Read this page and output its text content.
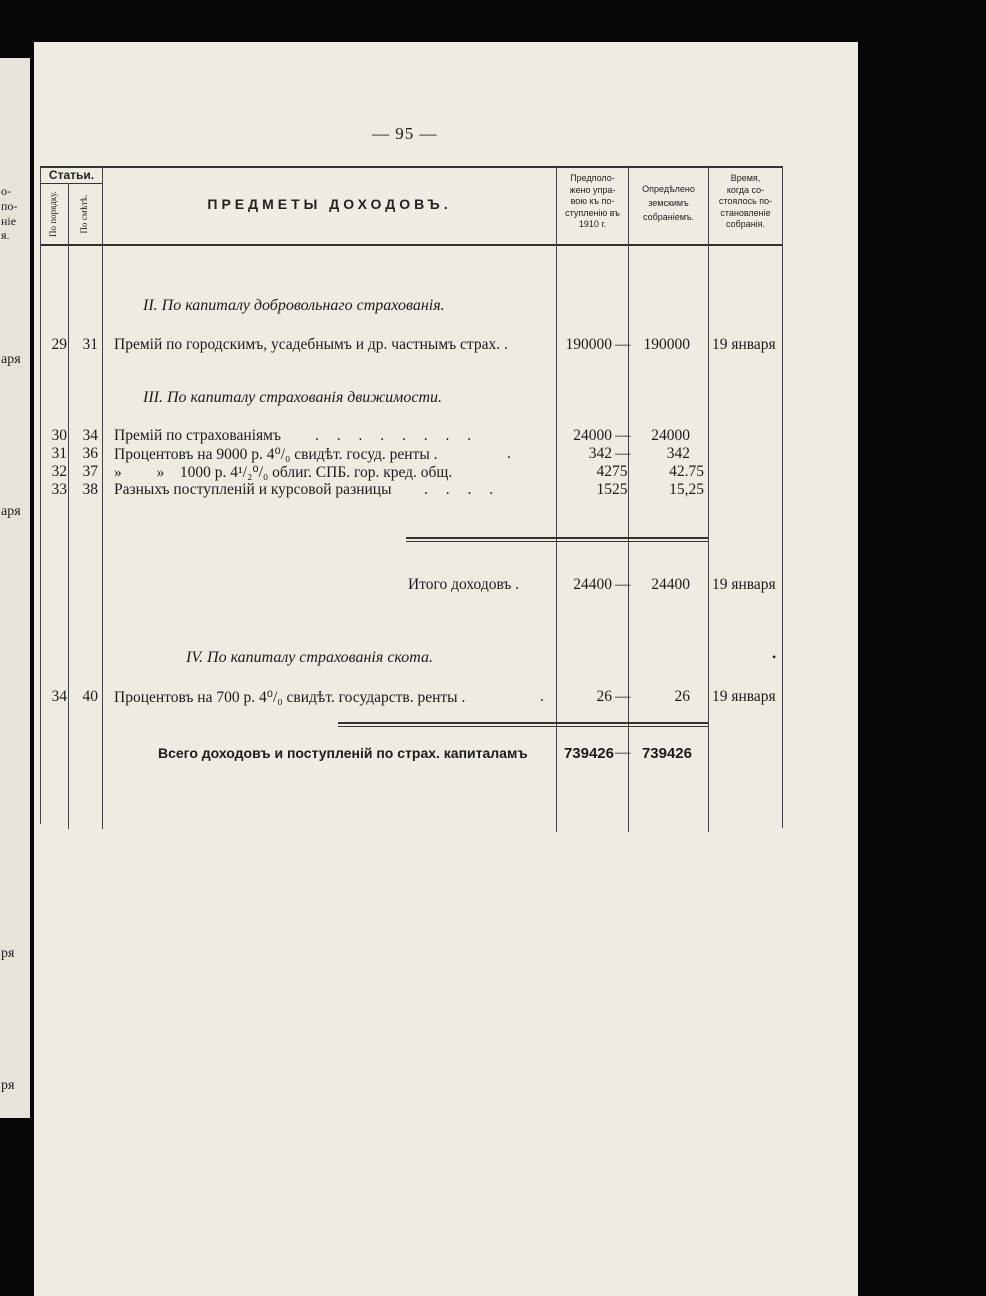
о-
по-
ніе
я.
аря
аря
ря
ря
— 95 —
Статьи.
По порядку. По смѣтѣ.	ПРЕДМЕТЫ ДОХОДОВЪ.
Предполо-
жено упра-
вою къ по-
ступленію въ
1910 г.
Опредѣлено
земскимъ
собраніемъ.
Время,
когда со-
стоялось по-
становленіе
собранія.
II. По капиталу добровольнаго страхованія.
29	31 Премій по городскимъ, усадебнымъ и др. частнымъ страх. .	190000 — 190000 19 января
III. По капиталу страхованія движимости.
30	34 Премій по страхованіямъ . . . . . . . .	24000 —	24000
31	36 Процентовъ на 9000 р. 4⁰/₀ свидѣт. госуд. ренты .	.	342 —	342
32	37 »         »    1000 р. 4¹/₂⁰/₀ облиг. СПБ. гор. кред. общ.	42 75	42.75
33	38 Разныхъ поступленій и курсовой разницы . . . .	15 25	15,25
Итого доходовъ .	24400 —	24400 19 января
IV. По капиталу страхованія скота.	•
34	40 Процентовъ на 700 р. 4⁰/₀ свидѣт. государств. ренты .	.	26 —	26 19 января
Всего доходовъ и поступленій по страх. капиталамъ	739426 — 739426
